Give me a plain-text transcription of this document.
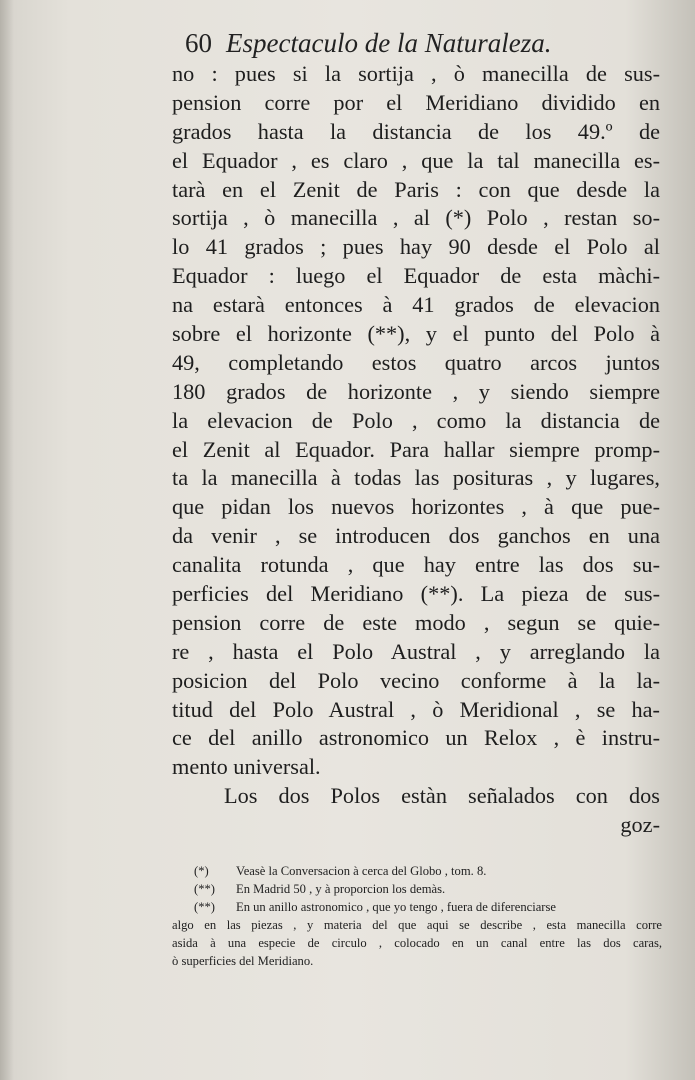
60 Espectaculo de la Naturaleza.
no : pues si la sortija , ò manecilla de sus-
pension corre por el Meridiano dividido en
grados hasta la distancia de los 49.º de
el Equador , es claro , que la tal manecilla es-
tarà en el Zenit de Paris : con que desde la
sortija , ò manecilla , al (*) Polo , restan so-
lo 41 grados ; pues hay 90 desde el Polo al
Equador : luego el Equador de esta màchi-
na estarà entonces à 41 grados de elevacion
sobre el horizonte (**), y el punto del Polo à
49, completando estos quatro arcos juntos
180 grados de horizonte , y siendo siempre
la elevacion de Polo , como la distancia de
el Zenit al Equador. Para hallar siempre promp-
ta la manecilla à todas las posituras , y lugares,
que pidan los nuevos horizontes , à que pue-
da venir , se introducen dos ganchos en una
canalita rotunda , que hay entre las dos su-
perficies del Meridiano (**). La pieza de sus-
pension corre de este modo , segun se quie-
re , hasta el Polo Austral , y arreglando la
posicion del Polo vecino conforme à la la-
titud del Polo Austral , ò Meridional , se ha-
ce del anillo astronomico un Relox , è instru-
mento universal.
Los dos Polos estàn señalados con dos
goz-
(*) Veasè la Conversacion à cerca del Globo , tom. 8.
(**) En Madrid 50 , y à proporcion los demàs.
(**) En un anillo astronomico , que yo tengo , fuera de diferenciarse
algo en las piezas , y materia del que aqui se describe , esta manecilla corre
asida à una especie de circulo , colocado en un canal entre las dos caras,
ò superficies del Meridiano.
